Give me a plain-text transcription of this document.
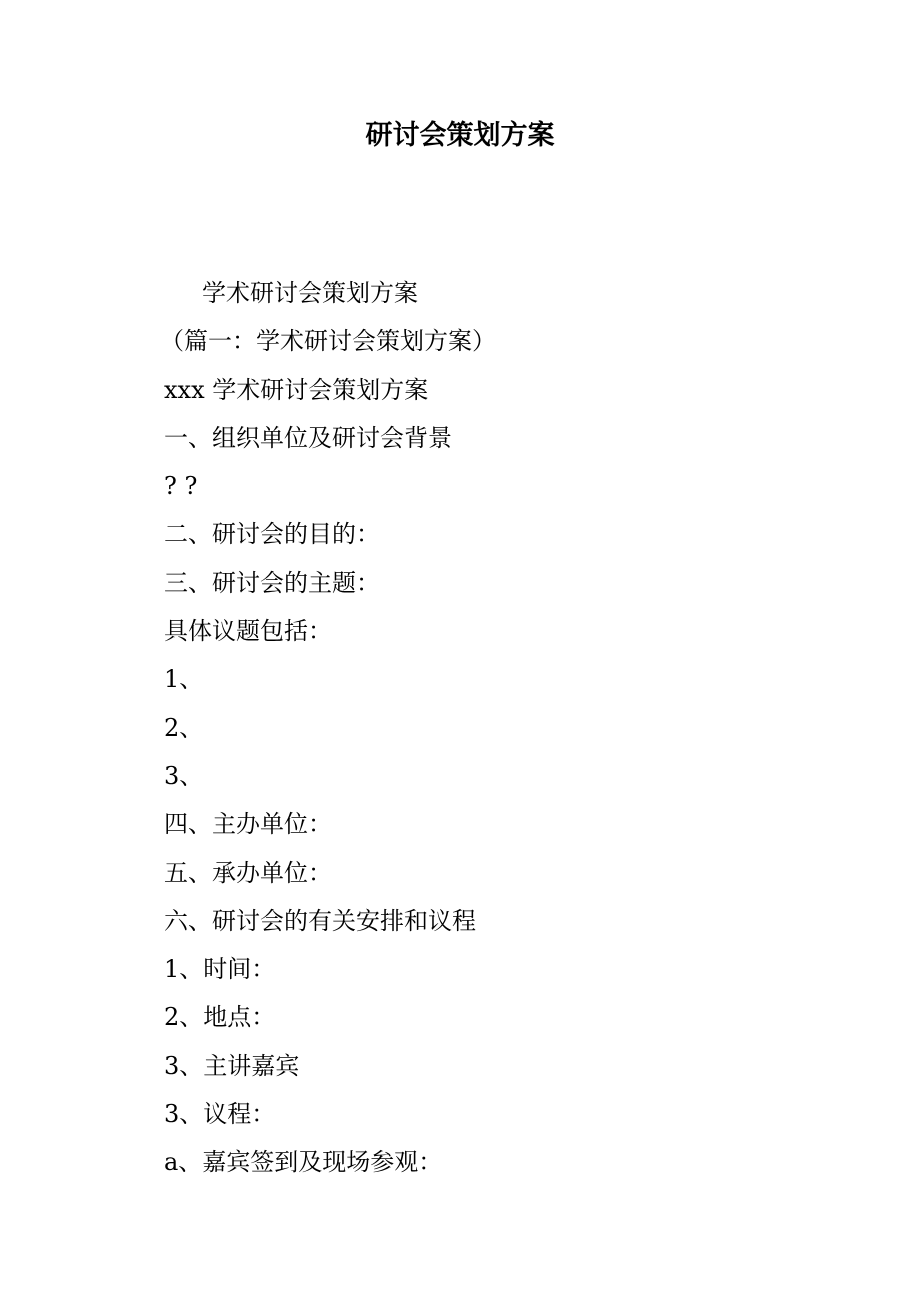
研讨会策划方案
学术研讨会策划方案
（篇一：学术研讨会策划方案）
xxx 学术研讨会策划方案
一、组织单位及研讨会背景
? ?
二、研讨会的目的：
三、研讨会的主题：
具体议题包括：
1、
2、
3、
四、主办单位：
五、承办单位：
六、研讨会的有关安排和议程
1、时间：
2、地点：
3、主讲嘉宾
3、议程：
a、嘉宾签到及现场参观：
